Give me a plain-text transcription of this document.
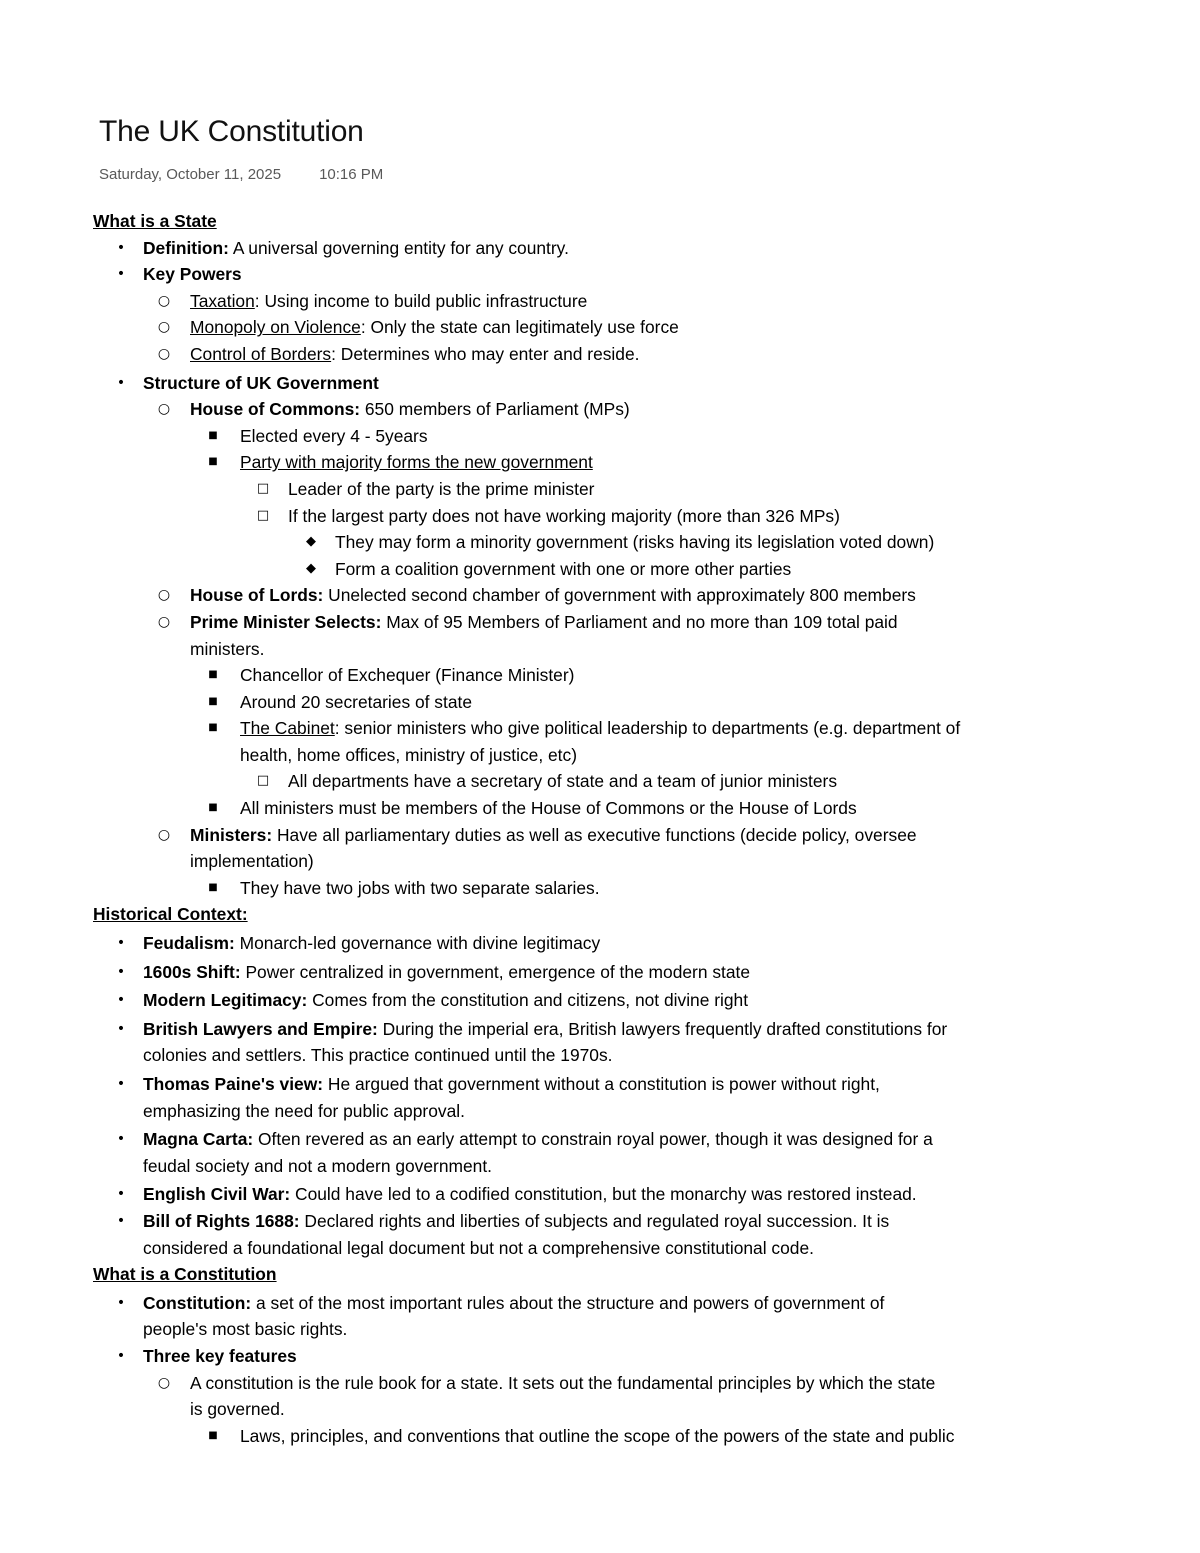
The UK Constitution
Saturday, October 11, 2025	10:16 PM
What is a State
•	Definition: A universal governing entity for any country.
•	Key Powers
○ Taxation: Using income to build public infrastructure
○ Monopoly on Violence: Only the state can legitimately use force
○ Control of Borders: Determines who may enter and reside.
•	Structure of UK Government
○ House of Commons: 650 members of Parliament (MPs)
■	Elected every 4 - 5years
■	Party with majority forms the new government
□ Leader of the party is the prime minister
□ If the largest party does not have working majority (more than 326 MPs)
◆ They may form a minority government (risks having its legislation voted down)
◆ Form a coalition government with one or more other parties
○ House of Lords: Unelected second chamber of government with approximately 800 members
○ Prime Minister Selects: Max of 95 Members of Parliament and no more than 109 total paid
ministers.
■	Chancellor of Exchequer (Finance Minister)
■	Around 20 secretaries of state
■	The Cabinet: senior ministers who give political leadership to departments (e.g. department of
health, home offices, ministry of justice, etc)
□ All departments have a secretary of state and a team of junior ministers
■	All ministers must be members of the House of Commons or the House of Lords
○ Ministers: Have all parliamentary duties as well as executive functions (decide policy, oversee
implementation)
■	They have two jobs with two separate salaries.
Historical Context:
•	Feudalism: Monarch-led governance with divine legitimacy
•	1600s Shift: Power centralized in government, emergence of the modern state
•	Modern Legitimacy: Comes from the constitution and citizens, not divine right
•	British Lawyers and Empire: During the imperial era, British lawyers frequently drafted constitutions for
colonies and settlers. This practice continued until the 1970s.
•	Thomas Paine's view: He argued that government without a constitution is power without right,
emphasizing the need for public approval.
•	Magna Carta: Often revered as an early attempt to constrain royal power, though it was designed for a
feudal society and not a modern government.
•	English Civil War: Could have led to a codified constitution, but the monarchy was restored instead.
•	Bill of Rights 1688: Declared rights and liberties of subjects and regulated royal succession. It is
considered a foundational legal document but not a comprehensive constitutional code.
What is a Constitution
•	Constitution: a set of the most important rules about the structure and powers of government of
people's most basic rights.
•	Three key features
○ A constitution is the rule book for a state. It sets out the fundamental principles by which the state
is governed.
■	Laws, principles, and conventions that outline the scope of the powers of the state and public
